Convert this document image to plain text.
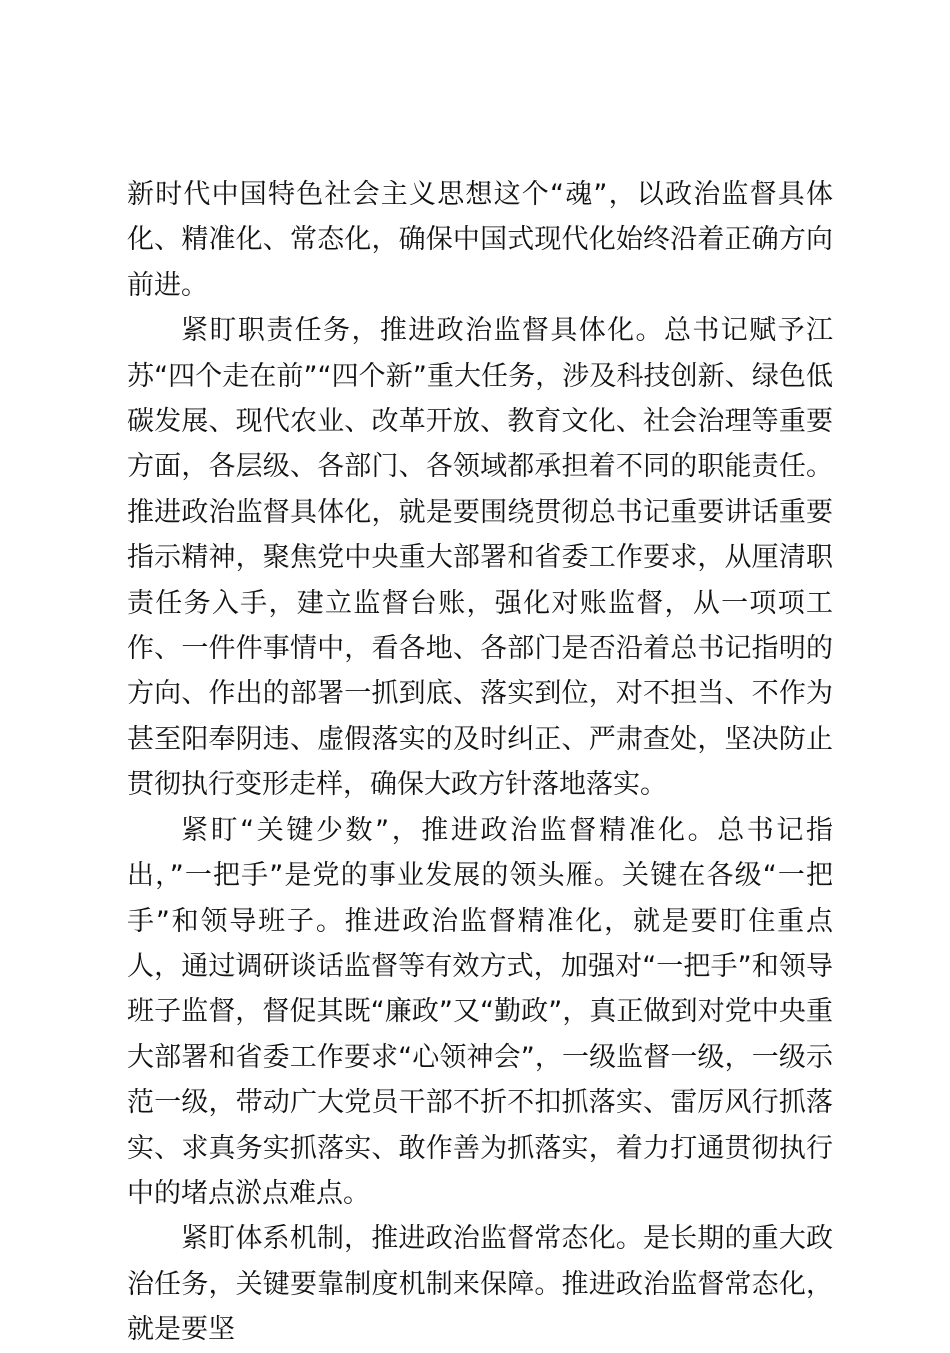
新时代中国特色社会主义思想这个“魂”，以政治监督具体化、精准化、常态化，确保中国式现代化始终沿着正确方向前进。

紧盯职责任务，推进政治监督具体化。总书记赋予江苏“四个走在前”“四个新”重大任务，涉及科技创新、绿色低碳发展、现代农业、改革开放、教育文化、社会治理等重要方面，各层级、各部门、各领域都承担着不同的职能责任。推进政治监督具体化，就是要围绕贯彻总书记重要讲话重要指示精神，聚焦党中央重大部署和省委工作要求，从厘清职责任务入手，建立监督台账，强化对账监督，从一项项工作、一件件事情中，看各地、各部门是否沿着总书记指明的方向、作出的部署一抓到底、落实到位，对不担当、不作为甚至阳奉阴违、虚假落实的及时纠正、严肃查处，坚决防止贯彻执行变形走样，确保大政方针落地落实。

紧盯“关键少数”，推进政治监督精准化。总书记指出，”一把手”是党的事业发展的领头雁。关键在各级“一把手”和领导班子。推进政治监督精准化，就是要盯住重点人，通过调研谈话监督等有效方式，加强对“一把手”和领导班子监督，督促其既“廉政”又“勤政”，真正做到对党中央重大部署和省委工作要求“心领神会”，一级监督一级，一级示范一级，带动广大党员干部不折不扣抓落实、雷厉风行抓落实、求真务实抓落实、敢作善为抓落实，着力打通贯彻执行中的堵点淤点难点。

紧盯体系机制，推进政治监督常态化。是长期的重大政治任务，关键要靠制度机制来保障。推进政治监督常态化，就是要坚
